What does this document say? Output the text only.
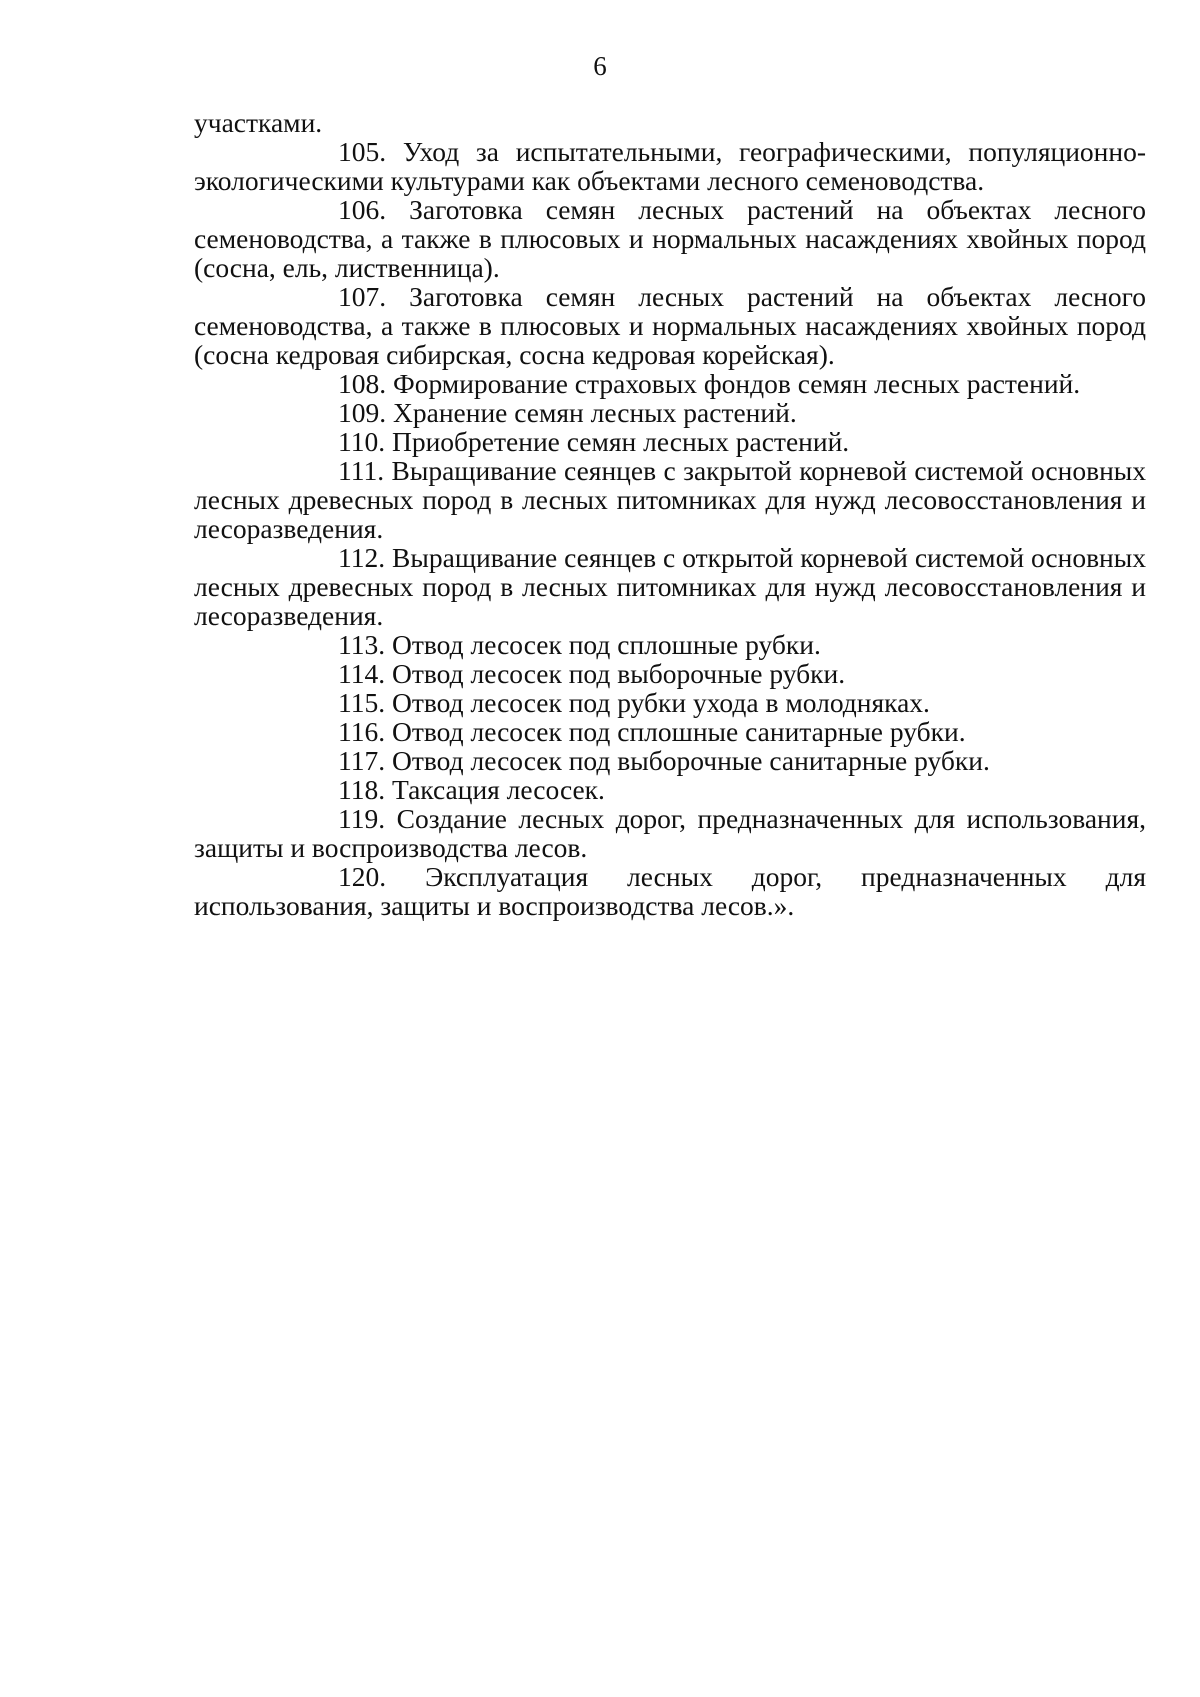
6

участками.

105. Уход за испытательными, географическими, популяционно-экологическими культурами как объектами лесного семеноводства.

106. Заготовка семян лесных растений на объектах лесного семеноводства, а также в плюсовых и нормальных насаждениях хвойных пород (сосна, ель, лиственница).

107. Заготовка семян лесных растений на объектах лесного семеноводства, а также в плюсовых и нормальных насаждениях хвойных пород (сосна кедровая сибирская, сосна кедровая корейская).

108. Формирование страховых фондов семян лесных растений.

109. Хранение семян лесных растений.

110. Приобретение семян лесных растений.

111. Выращивание сеянцев с закрытой корневой системой основных лесных древесных пород в лесных питомниках для нужд лесовосстановления и лесоразведения.

112. Выращивание сеянцев с открытой корневой системой основных лесных древесных пород в лесных питомниках для нужд лесовосстановления и лесоразведения.

113. Отвод лесосек под сплошные рубки.

114. Отвод лесосек под выборочные рубки.

115. Отвод лесосек под рубки ухода в молодняках.

116. Отвод лесосек под сплошные санитарные рубки.

117. Отвод лесосек под выборочные санитарные рубки.

118. Таксация лесосек.

119. Создание лесных дорог, предназначенных для использования, защиты и воспроизводства лесов.

120. Эксплуатация лесных дорог, предназначенных для использования, защиты и воспроизводства лесов.».
